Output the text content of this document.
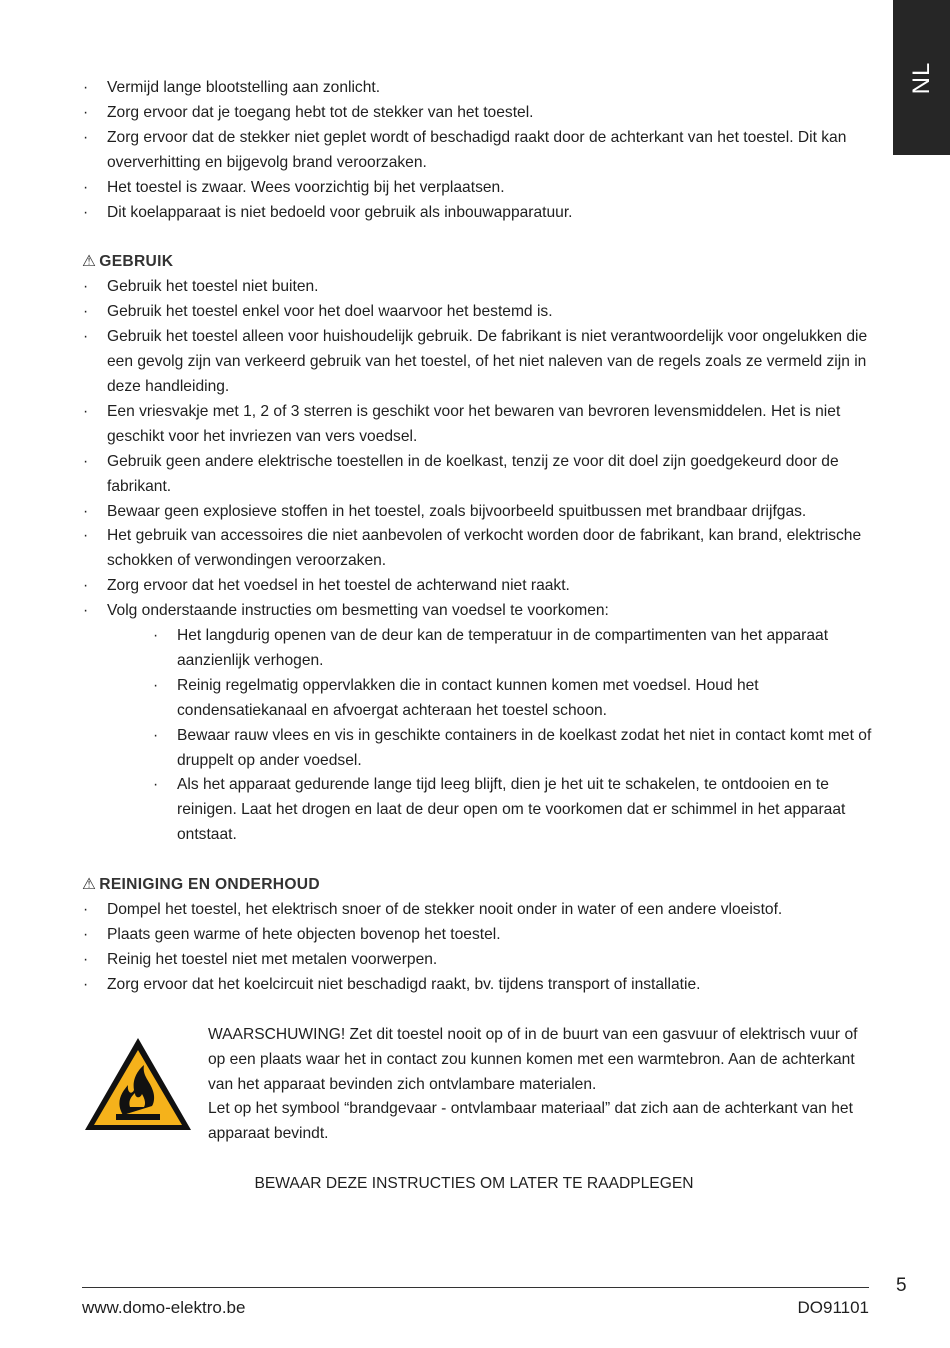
NL
· Vermijd lange blootstelling aan zonlicht.
· Zorg ervoor dat je toegang hebt tot de stekker van het toestel.
· Zorg ervoor dat de stekker niet geplet wordt of beschadigd raakt door de achterkant van het toestel. Dit kan oververhitting en bijgevolg brand veroorzaken.
· Het toestel is zwaar. Wees voorzichtig bij het verplaatsen.
· Dit koelapparaat is niet bedoeld voor gebruik als inbouwapparatuur.
⚠ GEBRUIK
· Gebruik het toestel niet buiten.
· Gebruik het toestel enkel voor het doel waarvoor het bestemd is.
· Gebruik het toestel alleen voor huishoudelijk gebruik. De fabrikant is niet verantwoordelijk voor ongelukken die een gevolg zijn van verkeerd gebruik van het toestel, of het niet naleven van de regels zoals ze vermeld zijn in deze handleiding.
· Een vriesvakje met 1, 2 of 3 sterren is geschikt voor het bewaren van bevroren levensmiddelen. Het is niet geschikt voor het invriezen van vers voedsel.
· Gebruik geen andere elektrische toestellen in de koelkast, tenzij ze voor dit doel zijn goedgekeurd door de fabrikant.
· Bewaar geen explosieve stoffen in het toestel, zoals bijvoorbeeld spuitbussen met brandbaar drijfgas.
· Het gebruik van accessoires die niet aanbevolen of verkocht worden door de fabrikant, kan brand, elektrische schokken of verwondingen veroorzaken.
· Zorg ervoor dat het voedsel in het toestel de achterwand niet raakt.
· Volg onderstaande instructies om besmetting van voedsel te voorkomen:
· Het langdurig openen van de deur kan de temperatuur in de compartimenten van het apparaat aanzienlijk verhogen.
· Reinig regelmatig oppervlakken die in contact kunnen komen met voedsel. Houd het condensatiekanaal en afvoergat achteraan het toestel schoon.
· Bewaar rauw vlees en vis in geschikte containers in de koelkast zodat het niet in contact komt met of druppelt op ander voedsel.
· Als het apparaat gedurende lange tijd leeg blijft, dien je het uit te schakelen, te ontdooien en te reinigen. Laat het drogen en laat de deur open om te voorkomen dat er schimmel in het apparaat ontstaat.
⚠ REINIGING EN ONDERHOUD
· Dompel het toestel, het elektrisch snoer of de stekker nooit onder in water of een andere vloeistof.
· Plaats geen warme of hete objecten bovenop het toestel.
· Reinig het toestel niet met metalen voorwerpen.
· Zorg ervoor dat het koelcircuit niet beschadigd raakt, bv. tijdens transport of installatie.
WAARSCHUWING! Zet dit toestel nooit op of in de buurt van een gasvuur of elektrisch vuur of op een plaats waar het in contact zou kunnen komen met een warmtebron. Aan de achterkant van het apparaat bevinden zich ontvlambare materialen.
Let op het symbool “brandgevaar - ontvlambaar materiaal” dat zich aan de achterkant van het apparaat bevindt.
BEWAAR DEZE INSTRUCTIES OM LATER TE RAADPLEGEN
5
www.domo-elektro.be	DO91101
